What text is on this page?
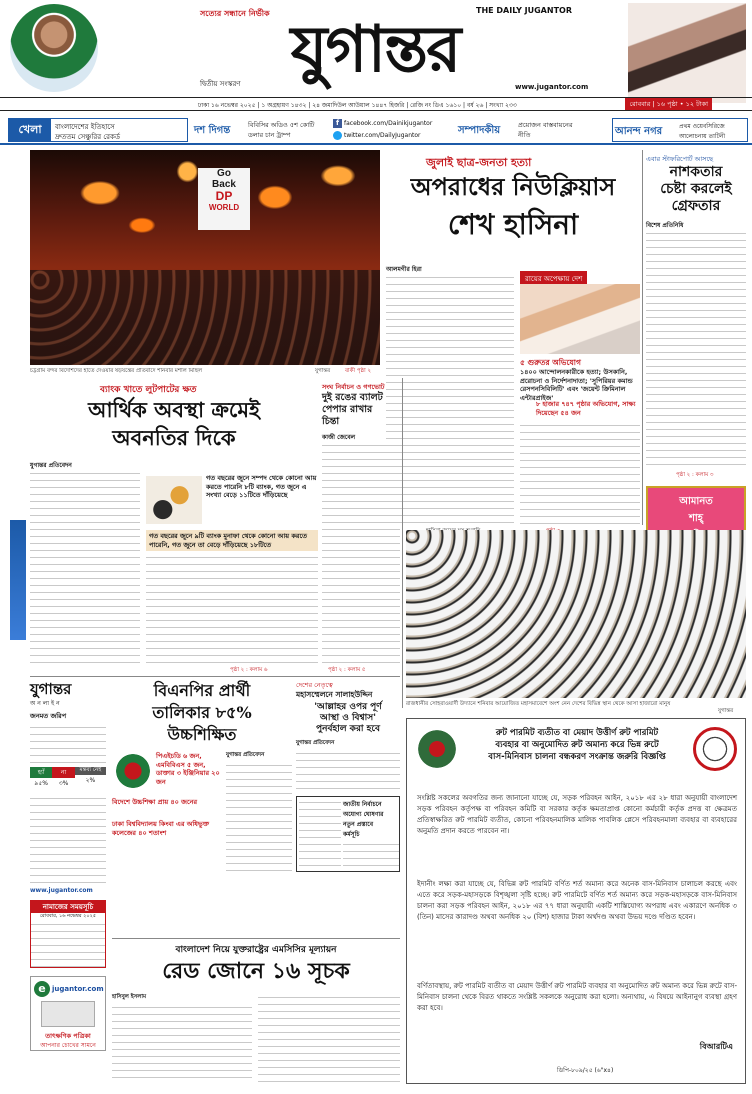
সত্যের সন্ধানে নির্ভীক যুগান্তর
THE DAILY JUGANTOR
দ্বিতীয় সংস্করণ	www.jugantor.com
ঢাকা ১৬ নভেম্বর ২০২৫ | ১ অগ্রহায়ণ ১৪৩২ | ২৪ জমাদিউল আউয়াল ১৪৪৭ হিজরি | রেজি নং ডিএ ১৬১০ | বর্ষ ২৬ | সংখ্যা ২৩৩	রোববার | ১৬ পৃষ্ঠা • ১২ টাকা
খেলা	বাংলাদেশের ইতিহাসে
দ্রুততম সেঞ্চুরির রেকর্ড
দশ দিগন্ত	বিবিসির অডিও ৫শ কোটি
ডলার চান ট্রাম্প
f facebook.com/Dainikjugantor
twitter.com/DailyJugantor	সম্পাদকীয়	প্রয়োজন বাস্তবায়নের
নীতি	আনন্দ নগর	প্রথম ওয়েবসিরিজে
আলোচনায় তাটিনী
Go
Back
DP
WORLD
চট্টগ্রাম বন্দর বিদেশিদের হাতে দেওয়ার ষড়যন্ত্রের প্রতিবাদে শনিবার মশাল মিছিল	যুগান্তর	বাকী পৃষ্ঠা ২
জুলাই ছাত্র-জনতা হত্যা
অপরাধের নিউক্লিয়াস
শেখ হাসিনা
আলমগীর হিরা
রায়ের অপেক্ষায় দেশ
৫ গুরুতর অভিযোগ
১৪০০ আন্দোলনকারীকে হত্যা; উসকানি, প্ররোচনা ও নির্দেশনাদাতা; 'সুপিরিয়র কমান্ড রেসপনসিবিলিটি' এবং 'জয়েন্ট ক্রিমিনাল এন্টারপ্রাইজ'
৮ হাজার ৭৪৭ পৃষ্ঠার অভিযোগ, সাক্ষ্য দিয়েছেন ৫৪ জন
এবার স্টাফরিপোর্ট আসছে
নাশকতার
চেষ্টা করলেই
গ্রেফতার
বিশেষ প্রতিনিধি
পৃষ্ঠা ২ : কলাম ৩
আমানত
শাহ্
ব্যাংক খাতে লুটপাটের ক্ষত
আর্থিক অবস্থা ক্রমেই
অবনতির দিকে
যুগান্তর প্রতিবেদন
গত বছরের জুনে সম্পদ থেকে কোনো আয় করতে পারেনি ৮টি ব্যাংক, গত জুনে এ সংখ্যা বেড়ে ১১টিতে দাঁড়িয়েছে
গত বছরের জুনে ৯টি ব্যাংক মুনাফা থেকে কোনো আয় করতে পারেনি, গত জুনে তা বেড়ে দাঁড়িয়েছে ১৮টিতে
পৃষ্ঠা ২ : কলাম ৬
সংঘ নির্বাচন ও গণভোট
দুই রঙের ব্যালট
পেপার রাখার
চিন্তা
কাজী জেবেল
পৃষ্ঠা ২ : কলাম ৫
রাজধানীর সোহরাওয়ার্দী উদ্যানে শনিবার আয়োজিত মহাসমাবেশে অংশ নেন দেশের বিভিন্ন স্থান থেকে আসা হাজারো মানুষ
যুগান্তর
যুগান্তর
অনলাইন
জনমত জরিপ
হ্যাঁ
৯৫%
না
৩%
মন্তব্য নেই
২%
www.jugantor.com
নামাজের সময়সূচি
রোববার, ১৬ নভেম্বর ২০২৫
e jugantor.com
তাৎক্ষণিক পত্রিকা
আপনার চোখের সামনে
বিএনপির প্রার্থী
তালিকার ৮৫%
উচ্চশিক্ষিত
পিএইচডি ৬ জন, এমবিবিএস ৫ জন, ডাক্তার ৩ ইঞ্জিনিয়ার ২০ জন
বিদেশে উচ্চশিক্ষা প্রায় ৪০ জনের
ঢাকা বিশ্ববিদ্যালয় কিংবা এর অধিভুক্ত কলেজের ৪০ শতাংশ
যুগান্তর প্রতিবেদন
দেশের নেতৃত্বে
মহাসম্মেলনে সালাহউদ্দিন
'আল্লাহর ওপর পূর্ণ
আস্থা ও বিশ্বাস'
পুনর্বহাল করা হবে
যুগান্তর প্রতিবেদন
জাতীয় নির্বাচনে
অযোগ্য ঘোষণার
নতুন প্রস্তাবে
কর্মসূচি
রুট পারমিট ব্যতীত বা মেয়াদ উত্তীর্ণ রুট পারমিট
ব্যবহার বা অনুমোদিত রুট অমান্য করে ভিন্ন রুটে
বাস-মিনিবাস চালনা বন্ধকরণ সংক্রান্ত জরুরি বিজ্ঞপ্তি
সংশ্লিষ্ট সকলের অবগতির জন্য জানানো যাচ্ছে যে, সড়ক পরিবহন আইন, ২০১৮ এর ২৮ ধারা অনুযায়ী বাংলাদেশ সড়ক পরিবহন কর্তৃপক্ষ বা পরিবহন কমিটি বা সরকার কর্তৃক ক্ষমতাপ্রাপ্ত কোনো কর্মচারী কর্তৃক প্রদত্ত বা ক্ষেত্রমত প্রতিস্বাক্ষরিত রুট পারমিট ব্যতীত, কোনো পরিবহনমালিক মালিক পাবলিক প্লেসে পরিবহনমালা ব্যবহার বা ব্যবহারের অনুমতি প্রদান করতে পারবেন না।
ইদানীং লক্ষ্য করা যাচ্ছে যে, বিভিন্ন রুট পারমিট বর্ণিত শর্ত অমান্য করে অনেক বাস-মিনিবাস চালাচল করছে এবং এতে করে সড়ক-মহাসড়কে বিশৃঙ্খলা সৃষ্টি হচ্ছে। রুট পারমিটে বর্ণিত শর্ত অমান্য করে সড়ক-মহাসড়কে বাস-মিনিবাস চালনা করা সড়ক পরিবহন আইন, ২০১৮ এর ৭৭ ধারা অনুযায়ী একটি শাস্তিযোগ্য অপরাধ এবং একারণে অনধিক ৩ (তিন) মাসের কারাদণ্ড অথবা অনধিক ২০ (বিশ) হাজার টাকা অর্থদণ্ড অথবা উভয় দণ্ডে দণ্ডিত হবেন।
বর্ণিতাবস্থায়, রুট পারমিট ব্যতীত বা মেয়াদ উত্তীর্ণ রুট পারমিট ব্যবহার বা অনুমোদিত রুট অমান্য করে ভিন্ন রুটে বাস-মিনিবাস চালনা থেকে বিরত থাকতে সংশ্লিষ্ট সকলকে অনুরোধ করা হলো। অন্যথায়, এ বিষয়ে আইনানুগ ব্যবস্থা গ্রহণ করা হবে।
বিআরটিএ
ডিপি-৮০৯/২৫ (৬"x৪)
বাংলাদেশ নিয়ে যুক্তরাষ্ট্রের এমসিসির মূল্যায়ন
রেড জোনে ১৬ সূচক
হাসিবুল ইসলাম
